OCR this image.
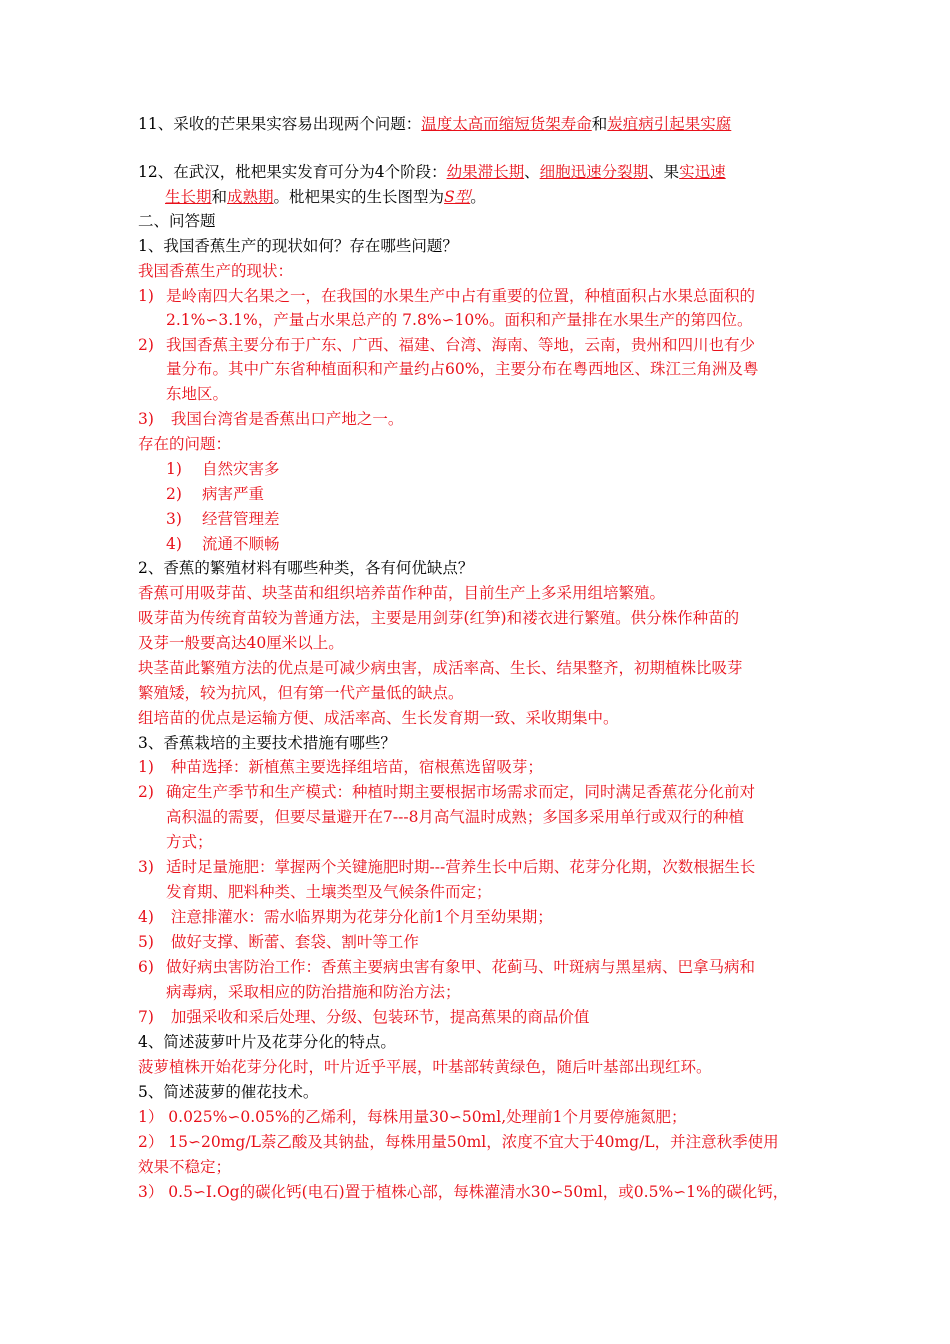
11、采收的芒果果实容易出现两个问题：温度太高而缩短货架寿命和炭疽病引起果实腐
12、在武汉，枇杷果实发育可分为4个阶段：幼果滞长期、细胞迅速分裂期、果实迅速
生长期和成熟期。枇杷果实的生长图型为S型。
二、问答题
1、我国香蕉生产的现状如何？存在哪些问题？
我国香蕉生产的现状：
1) 是岭南四大名果之一，在我国的水果生产中占有重要的位置，种植面积占水果总面积的
2.1%∽3.1%，产量占水果总产的 7.8%∽10%。面积和产量排在水果生产的第四位。
2) 我国香蕉主要分布于广东、广西、福建、台湾、海南、等地，云南，贵州和四川也有少
量分布。其中广东省种植面积和产量约占60%，主要分布在粤西地区、珠江三角洲及粤
东地区。
3) 我国台湾省是香蕉出口产地之一。
存在的问题：
1) 自然灾害多
2) 病害严重
3) 经营管理差
4) 流通不顺畅
2、香蕉的繁殖材料有哪些种类，各有何优缺点？
香蕉可用吸芽苗、块茎苗和组织培养苗作种苗，目前生产上多采用组培繁殖。
吸芽苗为传统育苗较为普通方法，主要是用剑芽(红笋)和褛衣进行繁殖。供分株作种苗的
及芽一般要高达40厘米以上。
块茎苗此繁殖方法的优点是可减少病虫害，成活率高、生长、结果整齐，初期植株比吸芽
繁殖矮，较为抗风，但有第一代产量低的缺点。
组培苗的优点是运输方便、成活率高、生长发育期一致、采收期集中。
3、香蕉栽培的主要技术措施有哪些？
1) 种苗选择：新植蕉主要选择组培苗，宿根蕉选留吸芽；
2) 确定生产季节和生产模式：种植时期主要根据市场需求而定，同时满足香蕉花分化前对
高积温的需要，但要尽量避开在7---8月高气温时成熟；多国多采用单行或双行的种植
方式；
3) 适时足量施肥：掌握两个关键施肥时期---营养生长中后期、花芽分化期，次数根据生长
发育期、肥料种类、土壤类型及气候条件而定；
4) 注意排灌水：需水临界期为花芽分化前1个月至幼果期；
5) 做好支撑、断蕾、套袋、割叶等工作
6) 做好病虫害防治工作：香蕉主要病虫害有象甲、花蓟马、叶斑病与黑星病、巴拿马病和
病毒病，采取相应的防治措施和防治方法；
7) 加强采收和采后处理、分级、包装环节，提高蕉果的商品价值
4、简述菠萝叶片及花芽分化的特点。
菠萝植株开始花芽分化时，叶片近乎平展，叶基部转黄绿色，随后叶基部出现红环。
5、简述菠萝的催花技术。
1） 0.025%∽0.05%的乙烯利，每株用量30∽50ml,处理前1个月要停施氮肥；
2） 15∽20mg/L萘乙酸及其钠盐，每株用量50ml，浓度不宜大于40mg/L，并注意秋季使用
效果不稳定；
3） 0.5∽I.Og的碳化钙(电石)置于植株心部，每株灌清水30∽50ml，或0.5%∽1%的碳化钙，
